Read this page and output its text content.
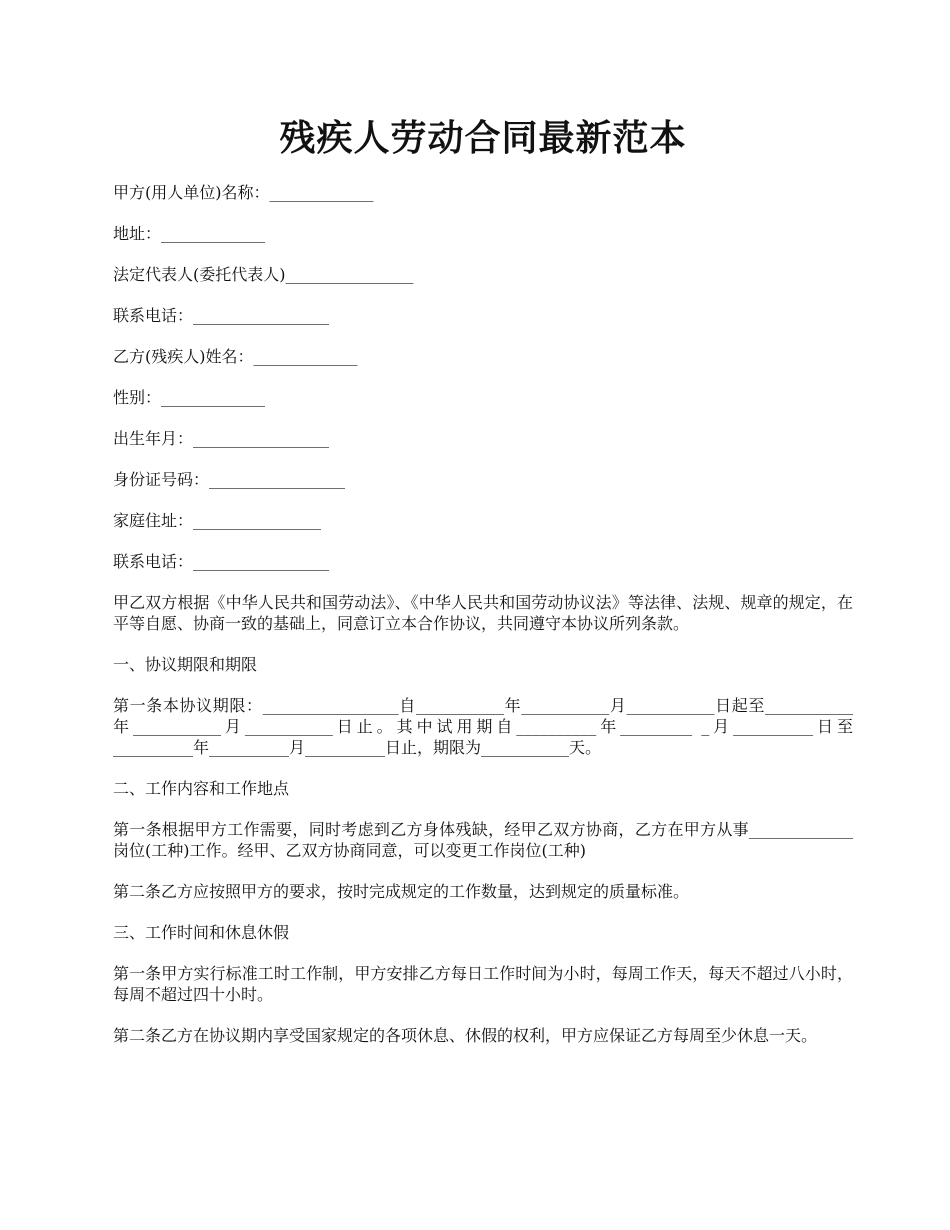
残疾人劳动合同最新范本
甲方(用人单位)名称：_____________
地址：_____________
法定代表人(委托代表人)________________
联系电话：_________________
乙方(残疾人)姓名：_____________
性别：_____________
出生年月：_________________
身份证号码：_________________
家庭住址：________________
联系电话：_________________

甲乙双方根据《中华人民共和国劳动法》、《中华人民共和国劳动协议法》等法律、法规、规章的规定，在平等自愿、协商一致的基础上，同意订立本合作协议，共同遵守本协议所列条款。

一、协议期限和期限

第一条本协议期限：_________________自___________年___________月___________日起至___________年___________月___________日止。其中试用期自__________年_________ _月__________日至__________年__________月__________日止，期限为___________天。

二、工作内容和工作地点

第一条根据甲方工作需要，同时考虑到乙方身体残缺，经甲乙双方协商，乙方在甲方从事_____________岗位(工种)工作。经甲、乙双方协商同意，可以变更工作岗位(工种)

第二条乙方应按照甲方的要求，按时完成规定的工作数量，达到规定的质量标准。

三、工作时间和休息休假

第一条甲方实行标准工时工作制，甲方安排乙方每日工作时间为小时，每周工作天，每天不超过八小时，每周不超过四十小时。

第二条乙方在协议期内享受国家规定的各项休息、休假的权利，甲方应保证乙方每周至少休息一天。
